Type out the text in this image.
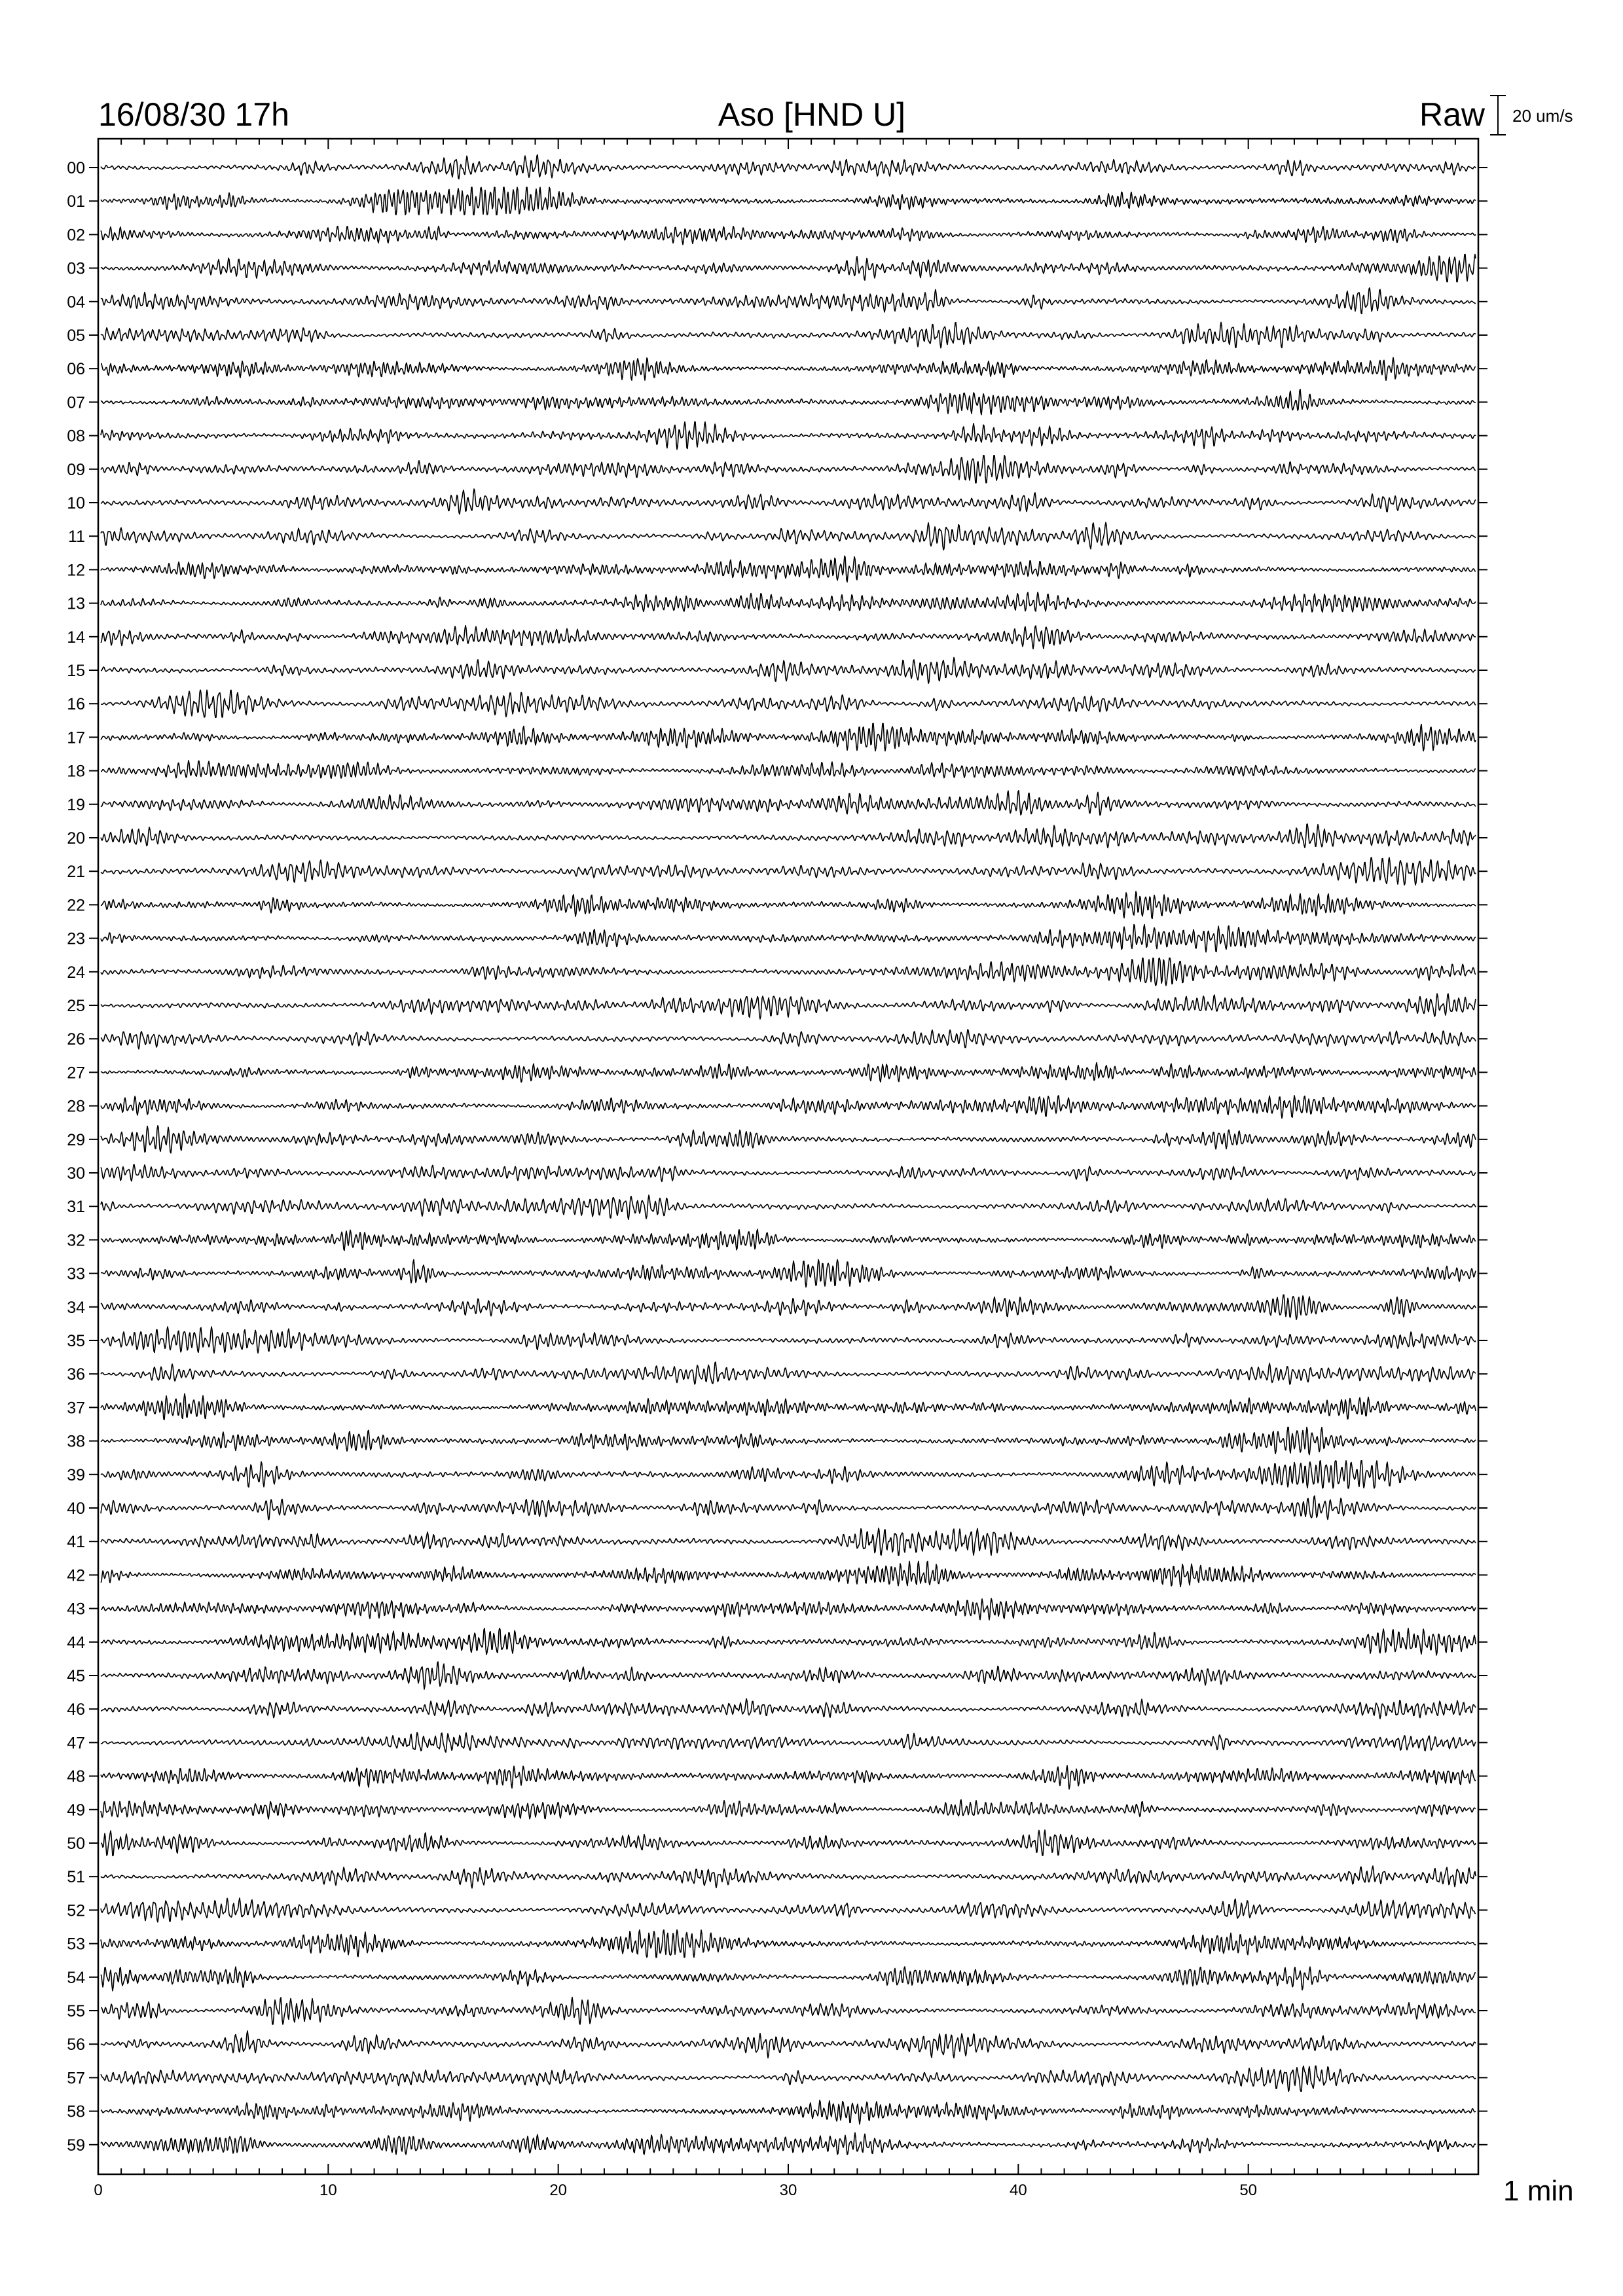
16/08/30 17h	Aso [HND U]	Raw 20 um/s
00
01
02
03
04
05
06
07
08
09
10
11
12
13
14
15
16
17
18
19
20
21
22
23
24
25
26
27
28
29
30
31
32
33
34
35
36
37
38
39
40
41
42
43
44
45
46
47
48
49
50
51
52
53
54
55
56
57
58
59
0	10	20	30	40	50	1 min
